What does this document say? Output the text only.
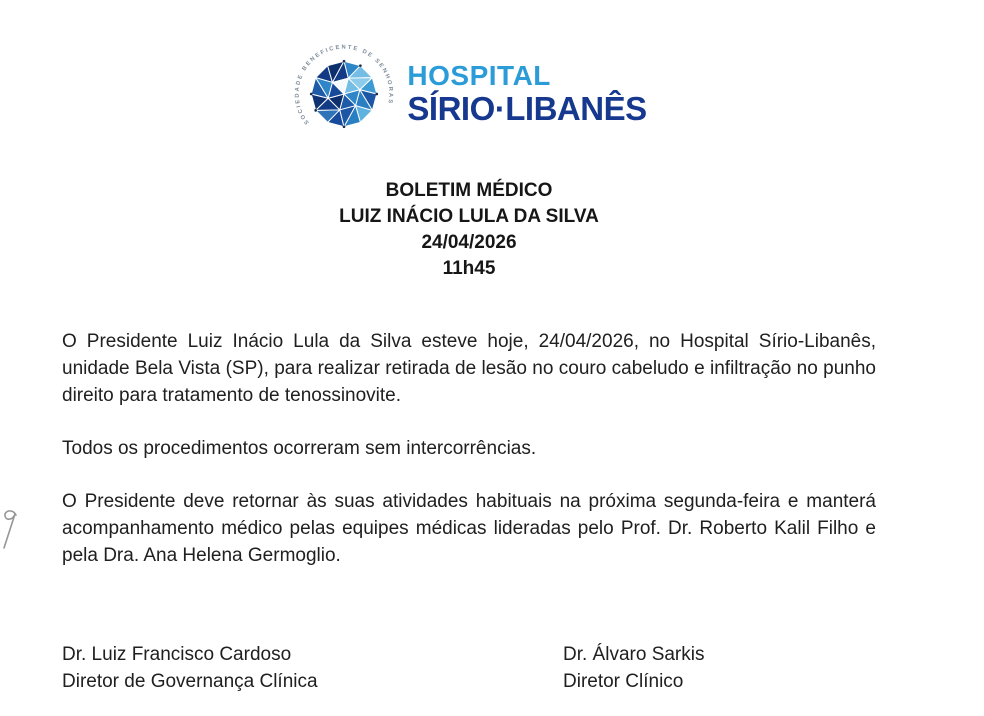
SOCIEDADE BENEFICENTE DE SENHORAS
HOSPITAL
SÍRIO·LIBANÊS
BOLETIM MÉDICO
LUIZ INÁCIO LULA DA SILVA
24/04/2026
11h45

O Presidente Luiz Inácio Lula da Silva esteve hoje, 24/04/2026, no Hospital Sírio-Libanês, unidade Bela Vista (SP), para realizar retirada de lesão no couro cabeludo e infiltração no punho direito para tratamento de tenossinovite.

Todos os procedimentos ocorreram sem intercorrências.

O Presidente deve retornar às suas atividades habituais na próxima segunda-feira e manterá acompanhamento médico pelas equipes médicas lideradas pelo Prof. Dr. Roberto Kalil Filho e pela Dra. Ana Helena Germoglio.

Dr. Luiz Francisco Cardoso
Diretor de Governança Clínica
Dr. Álvaro Sarkis
Diretor Clínico
